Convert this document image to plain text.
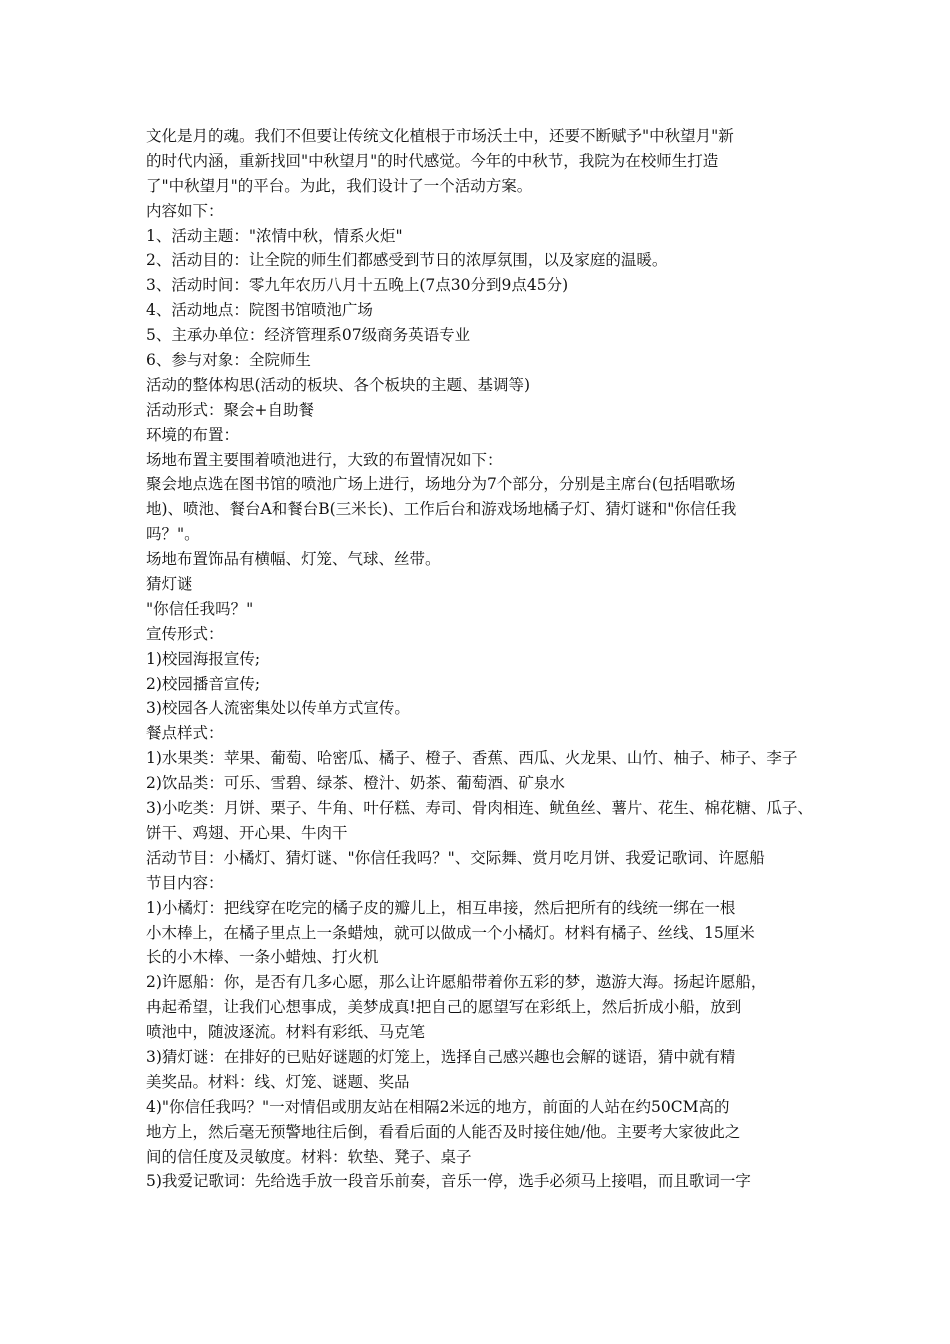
文化是月的魂。我们不但要让传统文化植根于市场沃土中，还要不断赋予"中秋望月"新
的时代内涵，重新找回"中秋望月"的时代感觉。今年的中秋节，我院为在校师生打造
了"中秋望月"的平台。为此，我们设计了一个活动方案。
内容如下：
1、活动主题："浓情中秋，情系火炬"
2、活动目的：让全院的师生们都感受到节日的浓厚氛围，以及家庭的温暖。
3、活动时间：零九年农历八月十五晚上(7点30分到9点45分)
4、活动地点：院图书馆喷池广场
5、主承办单位：经济管理系07级商务英语专业
6、参与对象：全院师生
活动的整体构思(活动的板块、各个板块的主题、基调等)
活动形式：聚会+自助餐
环境的布置：
场地布置主要围着喷池进行，大致的布置情况如下：
聚会地点选在图书馆的喷池广场上进行，场地分为7个部分，分别是主席台(包括唱歌场
地)、喷池、餐台A和餐台B(三米长)、工作后台和游戏场地橘子灯、猜灯谜和"你信任我
吗？"。
场地布置饰品有横幅、灯笼、气球、丝带。
猜灯谜
"你信任我吗？"
宣传形式：
1)校园海报宣传;
2)校园播音宣传;
3)校园各人流密集处以传单方式宣传。
餐点样式：
1)水果类：苹果、葡萄、哈密瓜、橘子、橙子、香蕉、西瓜、火龙果、山竹、柚子、柿子、李子
2)饮品类：可乐、雪碧、绿茶、橙汁、奶茶、葡萄酒、矿泉水
3)小吃类：月饼、栗子、牛角、叶仔糕、寿司、骨肉相连、鱿鱼丝、薯片、花生、棉花糖、瓜子、
饼干、鸡翅、开心果、牛肉干
活动节目：小橘灯、猜灯谜、"你信任我吗？"、交际舞、赏月吃月饼、我爱记歌词、许愿船
节目内容：
1)小橘灯：把线穿在吃完的橘子皮的瓣儿上，相互串接，然后把所有的线统一绑在一根
小木棒上，在橘子里点上一条蜡烛，就可以做成一个小橘灯。材料有橘子、丝线、15厘米
长的小木棒、一条小蜡烛、打火机
2)许愿船：你，是否有几多心愿，那么让许愿船带着你五彩的梦，遨游大海。扬起许愿船，
冉起希望，让我们心想事成，美梦成真!把自己的愿望写在彩纸上，然后折成小船，放到
喷池中，随波逐流。材料有彩纸、马克笔
3)猜灯谜：在排好的已贴好谜题的灯笼上，选择自己感兴趣也会解的谜语，猜中就有精
美奖品。材料：线、灯笼、谜题、奖品
4)"你信任我吗？"一对情侣或朋友站在相隔2米远的地方，前面的人站在约50CM高的
地方上，然后毫无预警地往后倒，看看后面的人能否及时接住她/他。主要考大家彼此之
间的信任度及灵敏度。材料：软垫、凳子、桌子
5)我爱记歌词：先给选手放一段音乐前奏，音乐一停，选手必须马上接唱，而且歌词一字
